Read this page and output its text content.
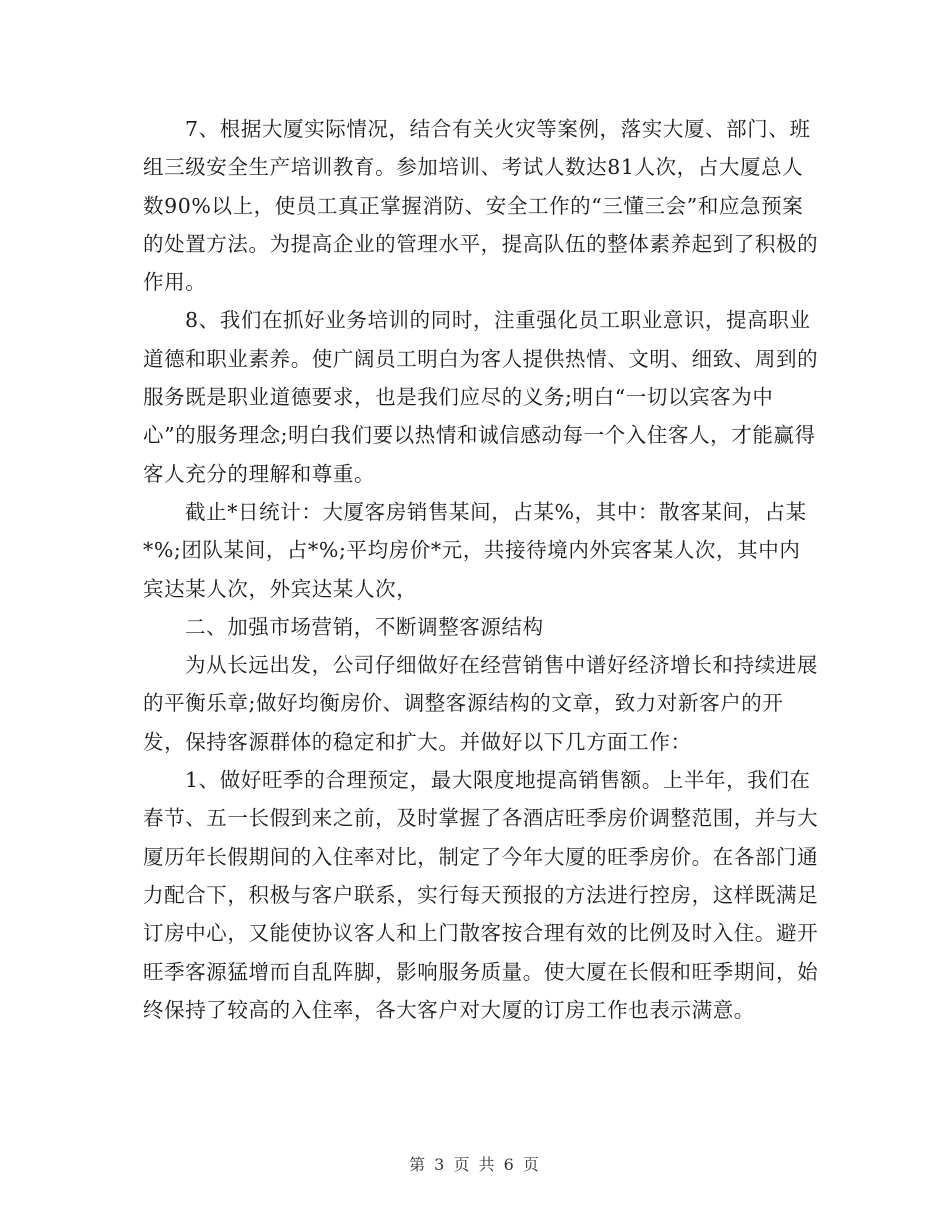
7、根据大厦实际情况，结合有关火灾等案例，落实大厦、部门、班组三级安全生产培训教育。参加培训、考试人数达81人次，占大厦总人数90%以上，使员工真正掌握消防、安全工作的“三懂三会”和应急预案的处置方法。为提高企业的管理水平，提高队伍的整体素养起到了积极的作用。

8、我们在抓好业务培训的同时，注重强化员工职业意识，提高职业道德和职业素养。使广阔员工明白为客人提供热情、文明、细致、周到的服务既是职业道德要求，也是我们应尽的义务;明白“一切以宾客为中心”的服务理念;明白我们要以热情和诚信感动每一个入住客人，才能赢得客人充分的理解和尊重。

截止*日统计：大厦客房销售某间，占某%，其中：散客某间，占某*%;团队某间，占*%;平均房价*元，共接待境内外宾客某人次，其中内宾达某人次，外宾达某人次，

二、加强市场营销，不断调整客源结构

为从长远出发，公司仔细做好在经营销售中谱好经济增长和持续进展的平衡乐章;做好均衡房价、调整客源结构的文章，致力对新客户的开发，保持客源群体的稳定和扩大。并做好以下几方面工作：

1、做好旺季的合理预定，最大限度地提高销售额。上半年，我们在春节、五一长假到来之前，及时掌握了各酒店旺季房价调整范围，并与大厦历年长假期间的入住率对比，制定了今年大厦的旺季房价。在各部门通力配合下，积极与客户联系，实行每天预报的方法进行控房，这样既满足订房中心，又能使协议客人和上门散客按合理有效的比例及时入住。避开旺季客源猛增而自乱阵脚，影响服务质量。使大厦在长假和旺季期间，始终保持了较高的入住率，各大客户对大厦的订房工作也表示满意。

第 3 页 共 6 页
